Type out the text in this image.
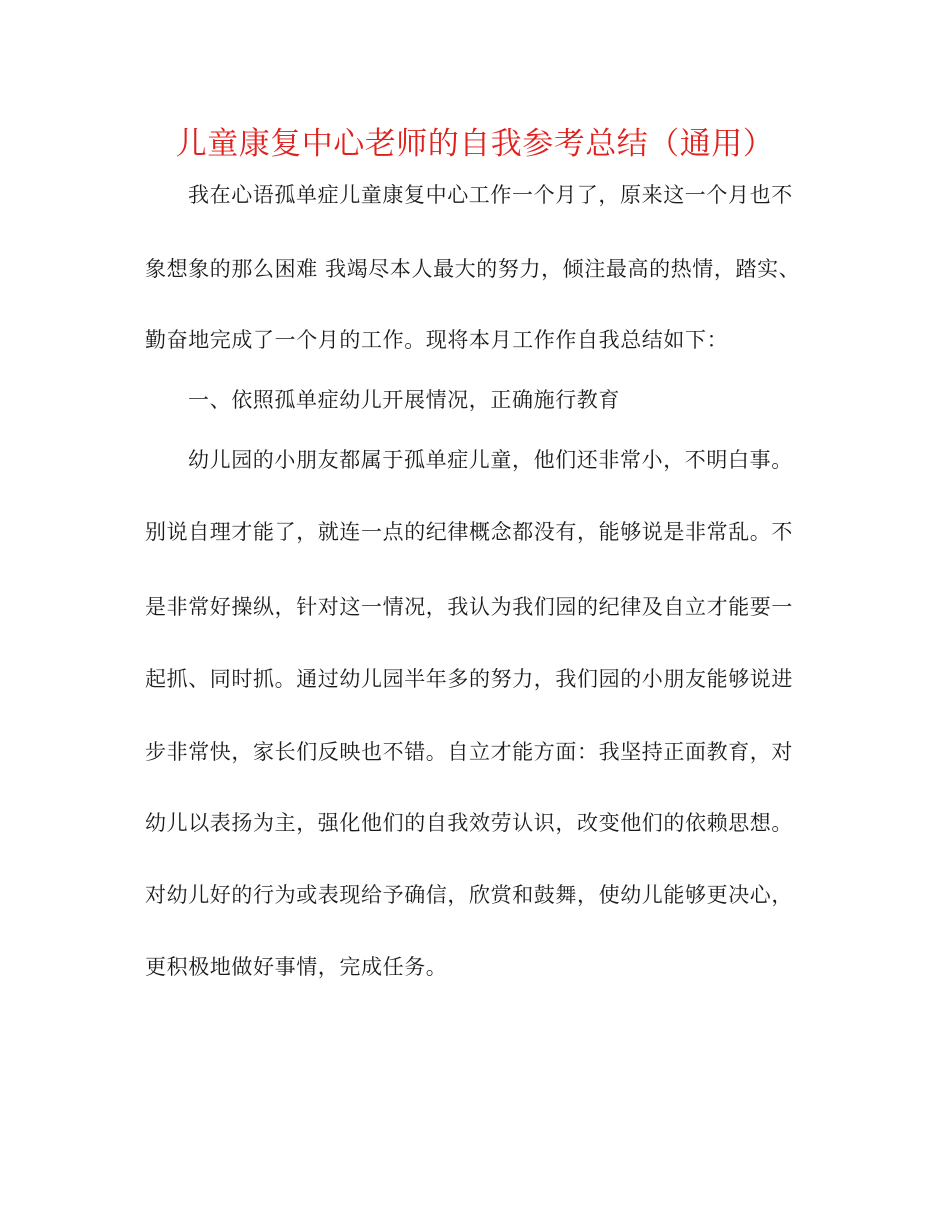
儿童康复中心老师的自我参考总结（通用）
我在心语孤单症儿童康复中心工作一个月了，原来这一个月也不
象想象的那么困难 我竭尽本人最大的努力，倾注最高的热情，踏实、
勤奋地完成了一个月的工作。现将本月工作作自我总结如下：
一、依照孤单症幼儿开展情况，正确施行教育
幼儿园的小朋友都属于孤单症儿童，他们还非常小，不明白事。
别说自理才能了，就连一点的纪律概念都没有，能够说是非常乱。不
是非常好操纵，针对这一情况，我认为我们园的纪律及自立才能要一
起抓、同时抓。通过幼儿园半年多的努力，我们园的小朋友能够说进
步非常快，家长们反映也不错。自立才能方面：我坚持正面教育，对
幼儿以表扬为主，强化他们的自我效劳认识，改变他们的依赖思想。
对幼儿好的行为或表现给予确信，欣赏和鼓舞，使幼儿能够更决心，
更积极地做好事情，完成任务。
